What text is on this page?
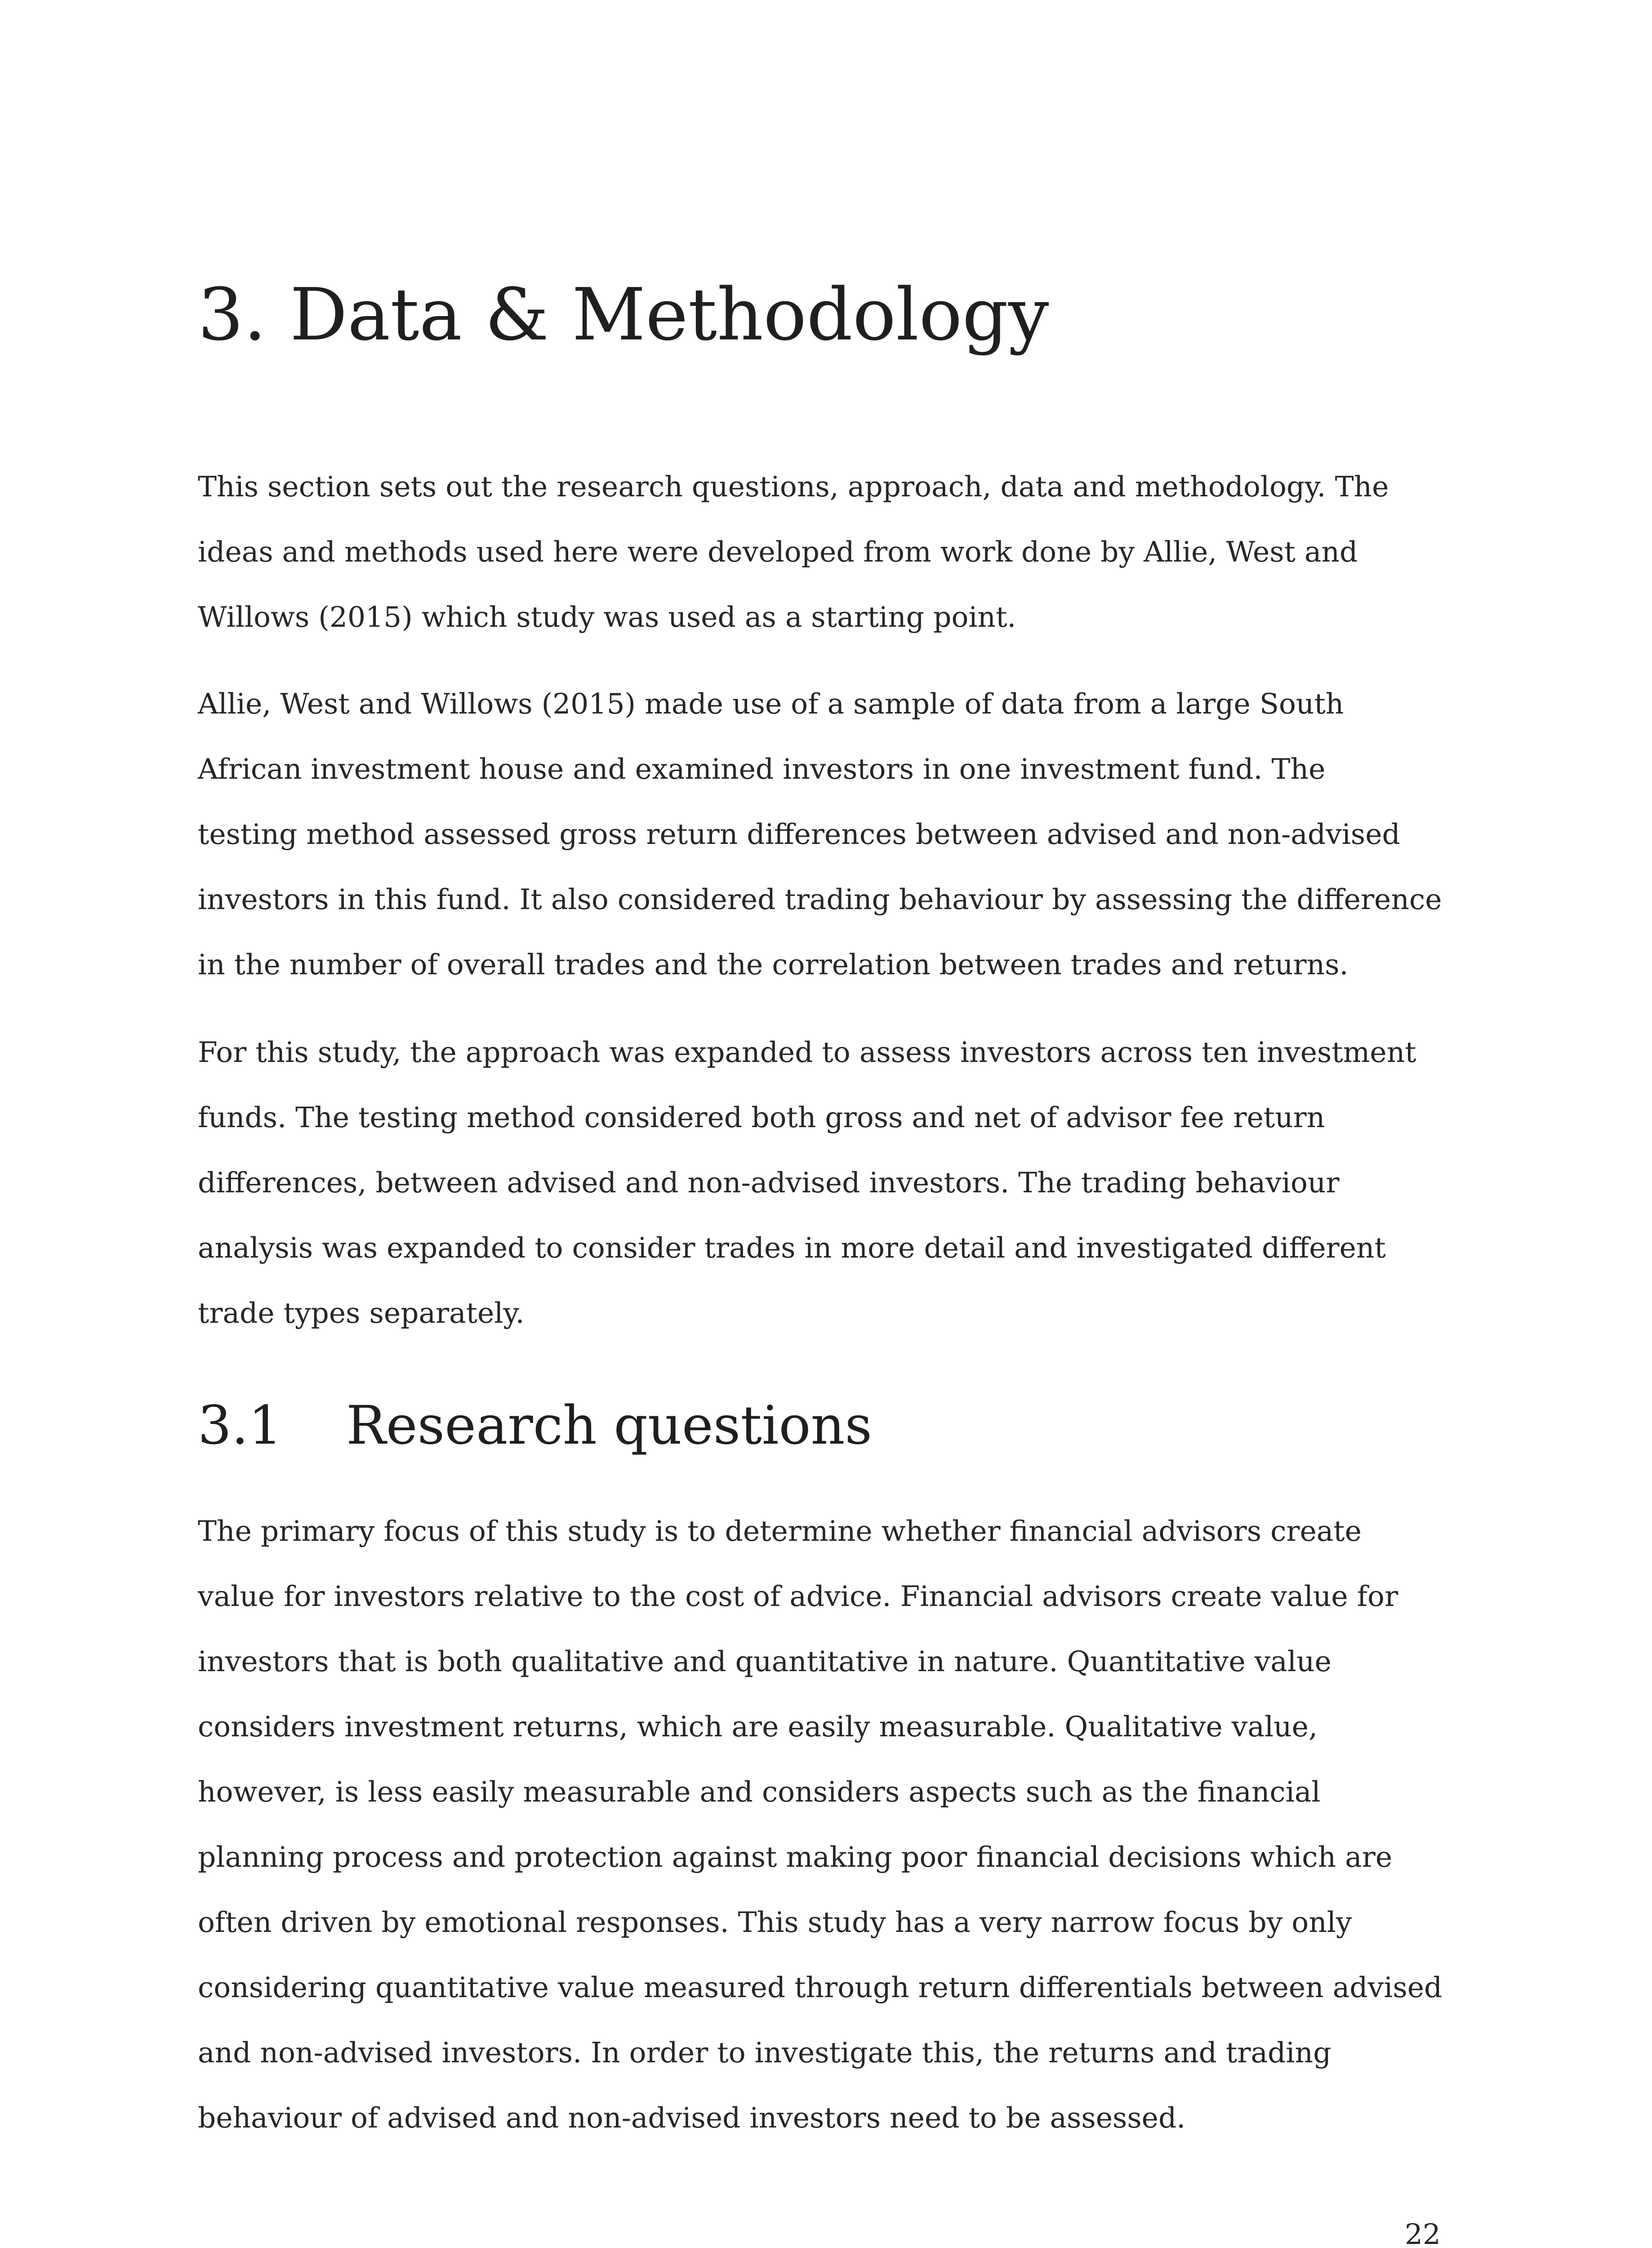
3. Data & Methodology

This section sets out the research questions, approach, data and methodology. The
ideas and methods used here were developed from work done by Allie, West and
Willows (2015) which study was used as a starting point.

Allie, West and Willows (2015) made use of a sample of data from a large South
African investment house and examined investors in one investment fund. The
testing method assessed gross return differences between advised and non-advised
investors in this fund. It also considered trading behaviour by assessing the difference
in the number of overall trades and the correlation between trades and returns.

For this study, the approach was expanded to assess investors across ten investment
funds. The testing method considered both gross and net of advisor fee return
differences, between advised and non-advised investors. The trading behaviour
analysis was expanded to consider trades in more detail and investigated different
trade types separately.

3.1 Research questions

The primary focus of this study is to determine whether financial advisors create
value for investors relative to the cost of advice. Financial advisors create value for
investors that is both qualitative and quantitative in nature. Quantitative value
considers investment returns, which are easily measurable. Qualitative value,
however, is less easily measurable and considers aspects such as the financial
planning process and protection against making poor financial decisions which are
often driven by emotional responses. This study has a very narrow focus by only
considering quantitative value measured through return differentials between advised
and non-advised investors. In order to investigate this, the returns and trading
behaviour of advised and non-advised investors need to be assessed.

22
